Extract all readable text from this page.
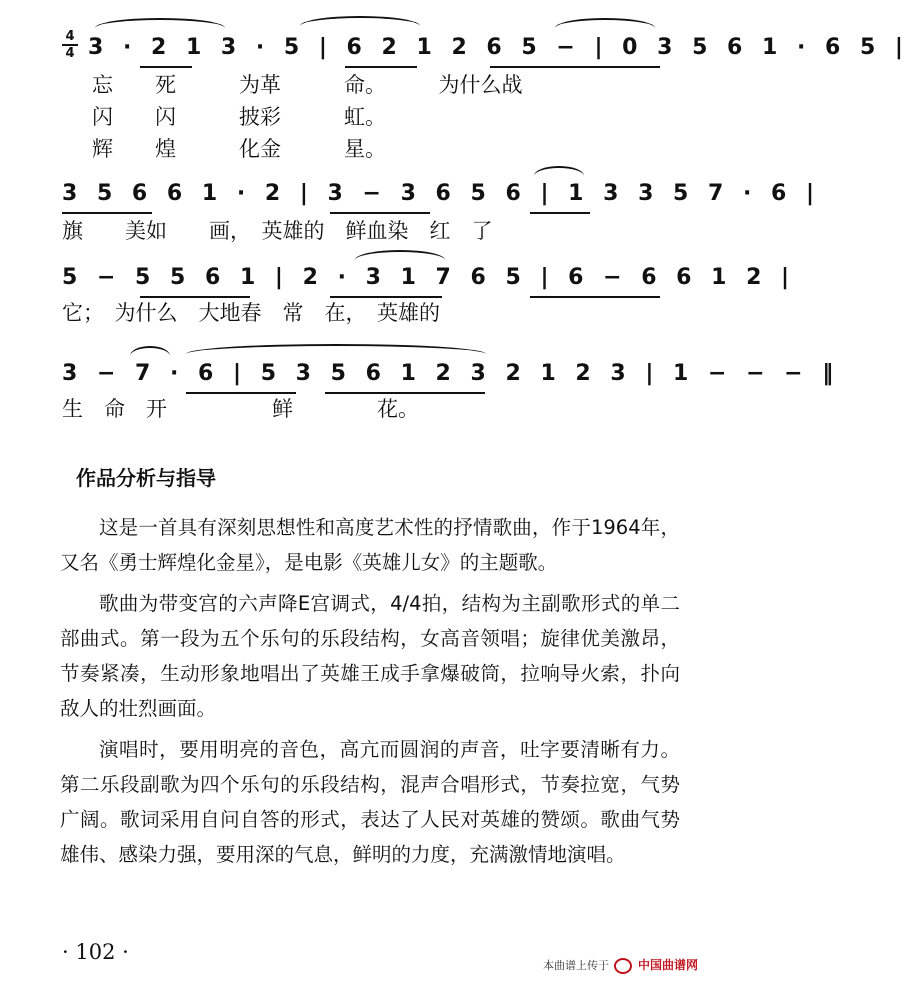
4
4 3 · 2 1 3 · 5 | 6 2 1 2 6 5 − | 0 3 5 6 1 · 6 5 |
忘　　死　　　为革　　　命。　　　为什么战
闪　　闪　　　披彩　　　虹。
辉　　煌　　　化金　　　星。
3 5 6 6 1 · 2 | 3 − 3 6 5 6 | 1 3 3 5 7 · 6 |
旗　　美如　　画，　英雄的　鲜血染　红　了
5 − 5 5 6 1 | 2 · 3 1 7 6 5 | 6 − 6 6 1 2 |
它；　为什么　大地春　常　在，　英雄的
3 − 7 · 6 | 5 3 5 6 1 2 3 2 1 2 3 | 1 − − − ‖
生　命　开　　　　　鲜　　　　花。
作品分析与指导
这是一首具有深刻思想性和高度艺术性的抒情歌曲，作于1964年，又名《勇士辉煌化金星》，是电影《英雄儿女》的主题歌。
歌曲为带变宫的六声降E宫调式，4/4拍，结构为主副歌形式的单二部曲式。第一段为五个乐句的乐段结构，女高音领唱；旋律优美激昂，节奏紧凑，生动形象地唱出了英雄王成手拿爆破筒，拉响导火索，扑向敌人的壮烈画面。
演唱时，要用明亮的音色，高亢而圆润的声音，吐字要清晰有力。第二乐段副歌为四个乐句的乐段结构，混声合唱形式，节奏拉宽，气势广阔。歌词采用自问自答的形式，表达了人民对英雄的赞颂。歌曲气势雄伟、感染力强，要用深的气息，鲜明的力度，充满激情地演唱。
· 102 ·
本曲谱上传于 中国曲谱网
